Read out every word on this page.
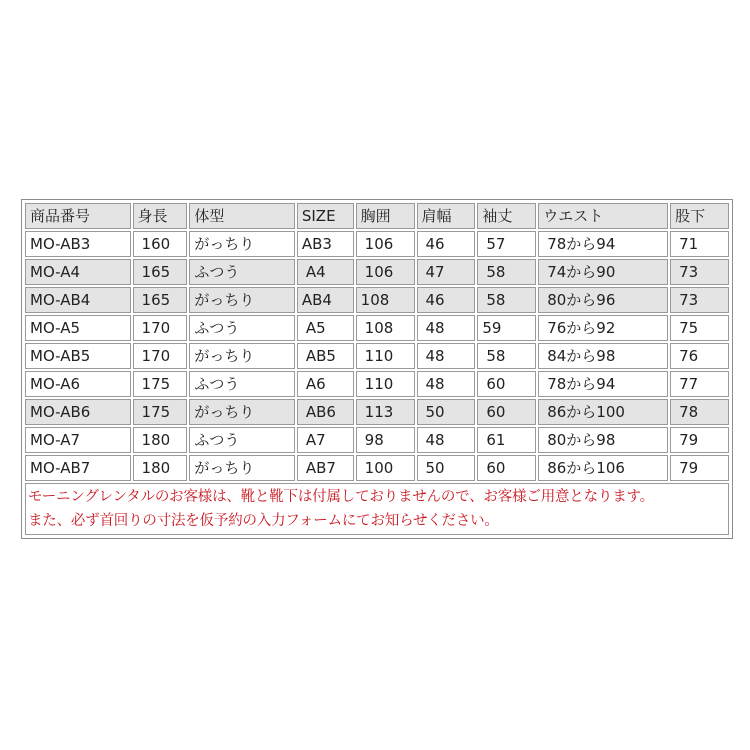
商品番号	身長	体型	SIZE	胸囲	肩幅	袖丈	ウエスト	股下
MO-AB3	160	がっちり	AB3	106	46	57	78から94	71
MO-A4	165	ふつう	A4	106	47	58	74から90	73
MO-AB4	165	がっちり	AB4	108	46	58	80から96	73
MO-A5	170	ふつう	A5	108	48	59	76から92	75
MO-AB5	170	がっちり	AB5	110	48	58	84から98	76
MO-A6	175	ふつう	A6	110	48	60	78から94	77
MO-AB6	175	がっちり	AB6	113	50	60	86から100	78
MO-A7	180	ふつう	A7	98	48	61	80から98	79
MO-AB7	180	がっちり	AB7	100	50	60	86から106	79

モーニングレンタルのお客様は、靴と靴下は付属しておりませんので、お客様ご用意となります。
また、必ず首回りの寸法を仮予約の入力フォームにてお知らせください。								
